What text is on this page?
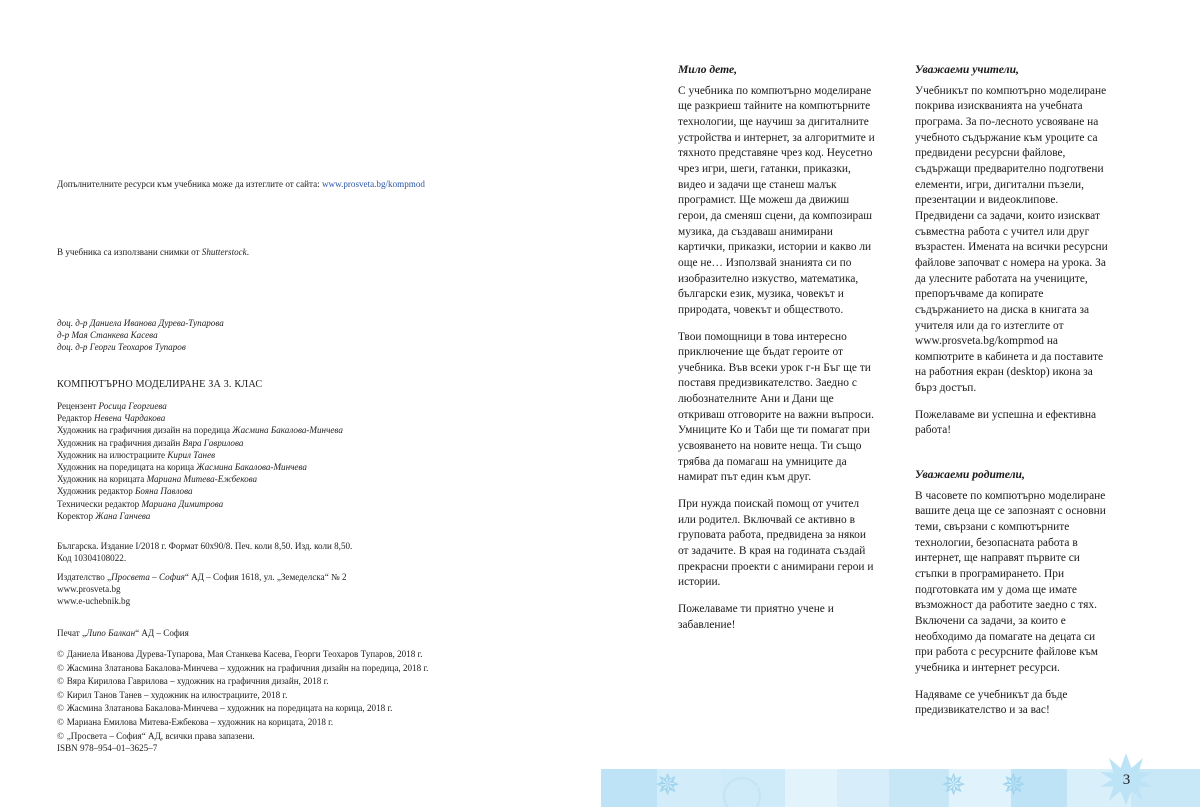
Допълнителните ресурси към учебника може да изтеглите от сайта: www.prosveta.bg/kompmod
В учебника са използвани снимки от Shutterstock.
доц. д-р Даниела Иванова Дурева-Тупарова
д-р Мая Станкева Касева
доц. д-р Георги Теохаров Тупаров
КОМПЮТЪРНО МОДЕЛИРАНЕ ЗА 3. КЛАС
Рецензент Росица Георгиева
Редактор Невена Чардакова
Художник на графичния дизайн на поредица Жасмина Бакалова-Минчева
Художник на графичния дизайн Вяра Гаврилова
Художник на илюстрациите Кирил Танев
Художник на поредицата на корица Жасмина Бакалова-Минчева
Художник на корицата Мариана Митева-Ежбекова
Художник редактор Бояна Павлова
Технически редактор Мариана Димитрова
Коректор Жана Ганчева
Българска. Издание I/2018 г. Формат 60x90/8. Печ. коли 8,50. Изд. коли 8,50.
Код 10304108022.
Издателство „Просвета – София“ АД – София 1618, ул. „Земеделска“ № 2
www.prosveta.bg
www.e-uchebnik.bg
Печат „Липо Балкан“ АД – София
© Даниела Иванова Дурева-Тупарова, Мая Станкева Касева, Георги Теохаров Тупаров, 2018 г.
© Жасмина Златанова Бакалова-Минчева – художник на графичния дизайн на поредица, 2018 г.
© Вяра Кирилова Гаврилова – художник на графичния дизайн, 2018 г.
© Кирил Танов Танев – художник на илюстрациите, 2018 г.
© Жасмина Златанова Бакалова-Минчева – художник на поредицата на корица, 2018 г.
© Мариана Емилова Митева-Ежбекова – художник на корицата, 2018 г.
© „Просвета – София“ АД, всички права запазени.
ISBN 978–954–01–3625–7
Мило дете,

С учебника по компютърно моделиране ще разкриеш тайните на компютърните технологии, ще научиш за дигиталните устройства и интернет, за алгоритмите и тяхното представяне чрез код. Неусетно чрез игри, шеги, гатанки, приказки, видео и задачи ще станеш малък програмист. Ще можеш да движиш герои, да сменяш сцени, да композираш музика, да създаваш анимирани картички, приказки, истории и какво ли още не… Използвай знанията си по изобразително изкуство, математика, български език, музика, човекът и природата, човекът и обществото.

Твои помощници в това интересно приключение ще бъдат героите от учебника. Във всеки урок г-н Бъг ще ти поставя предизвикателство. Заедно с любознателните Ани и Дани ще откриваш отговорите на важни въпроси. Умниците Ко и Таби ще ти помагат при усвояването на новите неща. Ти също трябва да помагаш на умниците да намират път един към друг.

При нужда поискай помощ от учител или родител. Включвай се активно в груповата работа, предвидена за някои от задачите. В края на годината създай прекрасни проекти с анимирани герои и истории.

Пожелаваме ти приятно учене и забавление!

Уважаеми учители,

Учебникът по компютърно моделиране покрива изискванията на учебната програма. За по-лесното усвояване на учебното съдържание към уроците са предвидени ресурсни файлове, съдържащи предварително подготвени елементи, игри, дигитални пъзели, презентации и видеоклипове. Предвидени са задачи, които изискват съвместна работа с учител или друг възрастен. Имената на всички ресурсни файлове започват с номера на урока. За да улесните работата на учениците, препоръчваме да копирате съдържанието на диска в книгата за учителя или да го изтеглите от www.prosveta.bg/kompmod на компютрите в кабинета и да поставите на работния екран (desktop) икона за бърз достъп.

Пожелаваме ви успешна и ефективна работа!

Уважаеми родители,

В часовете по компютърно моделиране вашите деца ще се запознаят с основни теми, свързани с компютърните технологии, безопасната работа в интернет, ще направят първите си стъпки в програмирането. При подготовката им у дома ще имате възможност да работите заедно с тях. Включени са задачи, за които е необходимо да помагате на децата си при работа с ресурсните файлове към учебника и интернет ресурси.

Надяваме се учебникът да бъде предизвикателство и за вас!

✵	✵ ✵	3
